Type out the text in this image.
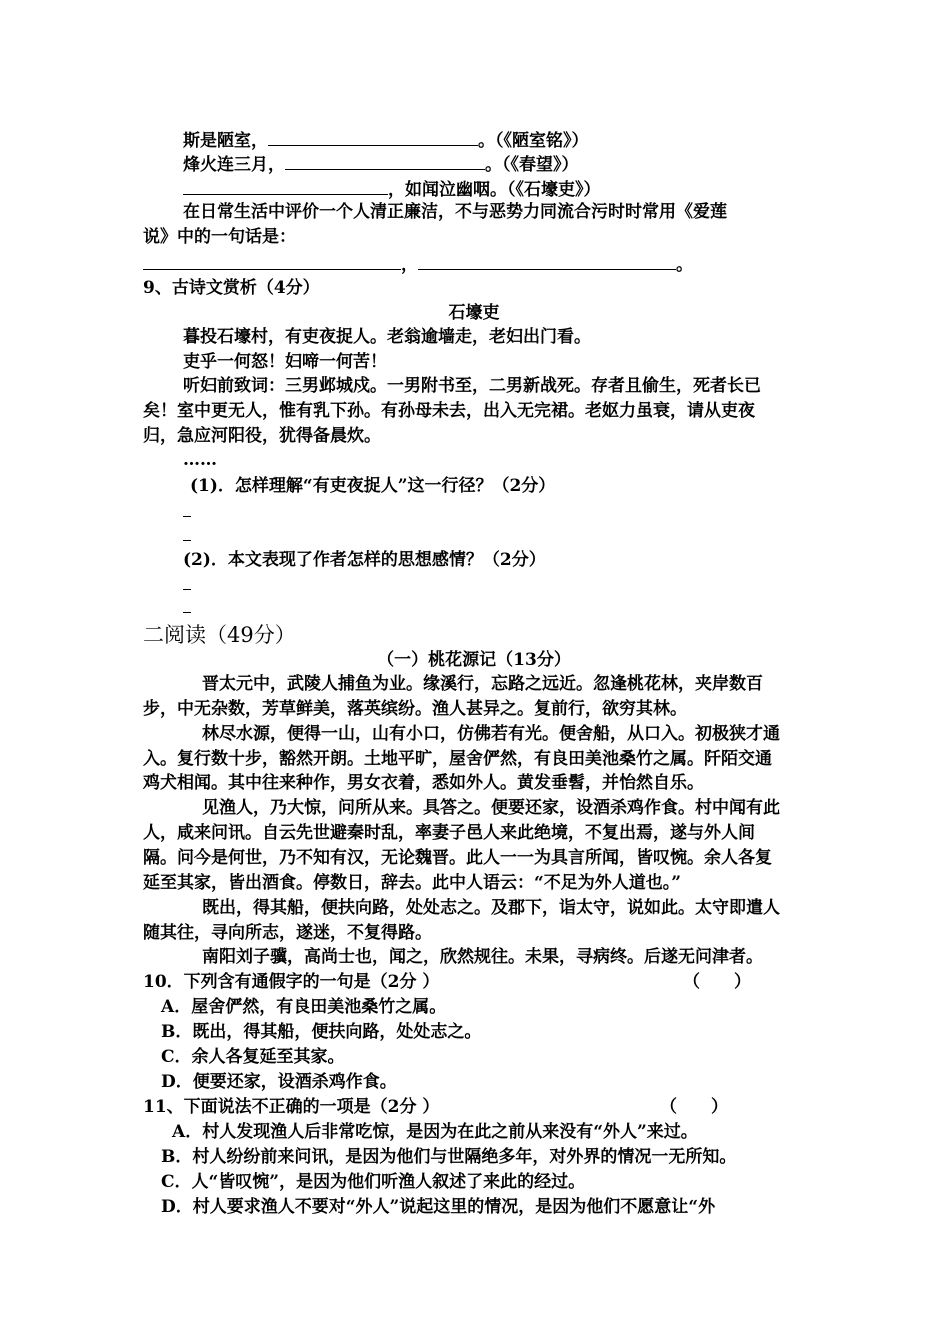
斯是陋室，	。（《陋室铭》）
烽火连三月，	。（《春望》）
，如闻泣幽咽。（《石壕吏》）
在日常生活中评价一个人清正廉洁，不与恶势力同流合污时时常用《爱莲
说》中的一句话是：
，	。
9、古诗文赏析（4分）
石壕吏
暮投石壕村，有吏夜捉人。老翁逾墙走，老妇出门看。
吏乎一何怒！妇啼一何苦！
听妇前致词：三男邺城戍。一男附书至，二男新战死。存者且偷生，死者长已
矣！室中更无人，惟有乳下孙。有孙母未去，出入无完裙。老妪力虽衰，请从吏夜
归，急应河阳役，犹得备晨炊。
……
(1)．怎样理解“有吏夜捉人”这一行径？（2分）
(2)．本文表现了作者怎样的思想感情？（2分）
二阅读（49分）
（一）桃花源记（13分）
晋太元中，武陵人捕鱼为业。缘溪行，忘路之远近。忽逢桃花林，夹岸数百
步，中无杂数，芳草鲜美，落英缤纷。渔人甚异之。复前行，欲穷其林。
林尽水源，便得一山，山有小口，仿佛若有光。便舍船，从口入。初极狭才通
入。复行数十步，豁然开朗。土地平旷，屋舍俨然，有良田美池桑竹之属。阡陌交通
鸡犬相闻。其中往来种作，男女衣着，悉如外人。黄发垂髫，并怡然自乐。
见渔人，乃大惊，问所从来。具答之。便要还家，设酒杀鸡作食。村中闻有此
人，咸来问讯。自云先世避秦时乱，率妻子邑人来此绝境，不复出焉，遂与外人间
隔。问今是何世，乃不知有汉，无论魏晋。此人一一为具言所闻，皆叹惋。余人各复
延至其家，皆出酒食。停数日，辞去。此中人语云：“不足为外人道也。”
既出，得其船，便扶向路，处处志之。及郡下，诣太守，说如此。太守即遣人
随其往，寻向所志，遂迷，不复得路。
南阳刘子骥，高尚士也，闻之，欣然规往。未果，寻病终。后遂无问津者。
10．下列含有通假字的一句是（2分 ）	（　　）
A．屋舍俨然，有良田美池桑竹之属。
B．既出，得其船，便扶向路，处处志之。
C．余人各复延至其家。
D．便要还家，设酒杀鸡作食。
11、下面说法不正确的一项是（2分 ）	（　　）
A．村人发现渔人后非常吃惊，是因为在此之前从来没有“外人”来过。
B．村人纷纷前来问讯，是因为他们与世隔绝多年，对外界的情况一无所知。
C．人“皆叹惋”，是因为他们听渔人叙述了来此的经过。
D．村人要求渔人不要对“外人”说起这里的情况，是因为他们不愿意让“外
